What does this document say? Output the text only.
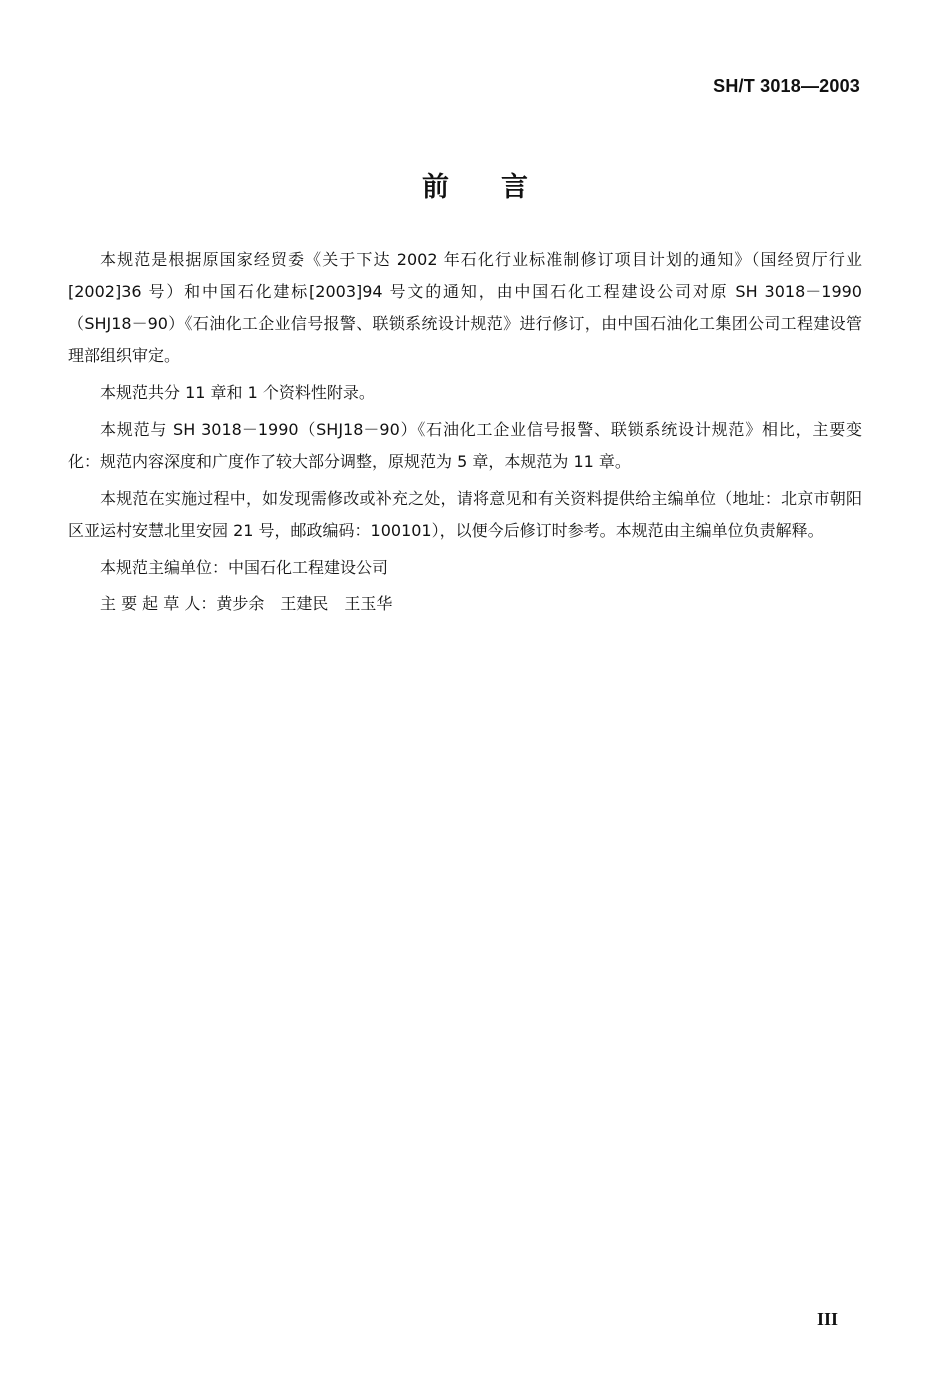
SH/T 3018—2003
前言

本规范是根据原国家经贸委《关于下达 2002 年石化行业标准制修订项目计划的通知》（国经贸厅行业[2002]36 号）和中国石化建标[2003]94 号文的通知，由中国石化工程建设公司对原 SH 3018－1990（SHJ18－90）《石油化工企业信号报警、联锁系统设计规范》进行修订，由中国石油化工集团公司工程建设管理部组织审定。

本规范共分 11 章和 1 个资料性附录。

本规范与 SH 3018－1990（SHJ18－90）《石油化工企业信号报警、联锁系统设计规范》相比，主要变化：规范内容深度和广度作了较大部分调整，原规范为 5 章，本规范为 11 章。

本规范在实施过程中，如发现需修改或补充之处，请将意见和有关资料提供给主编单位（地址：北京市朝阳区亚运村安慧北里安园 21 号，邮政编码：100101），以便今后修订时参考。本规范由主编单位负责解释。

本规范主编单位：中国石化工程建设公司

主 要 起 草 人：黄步余　王建民　王玉华

III
